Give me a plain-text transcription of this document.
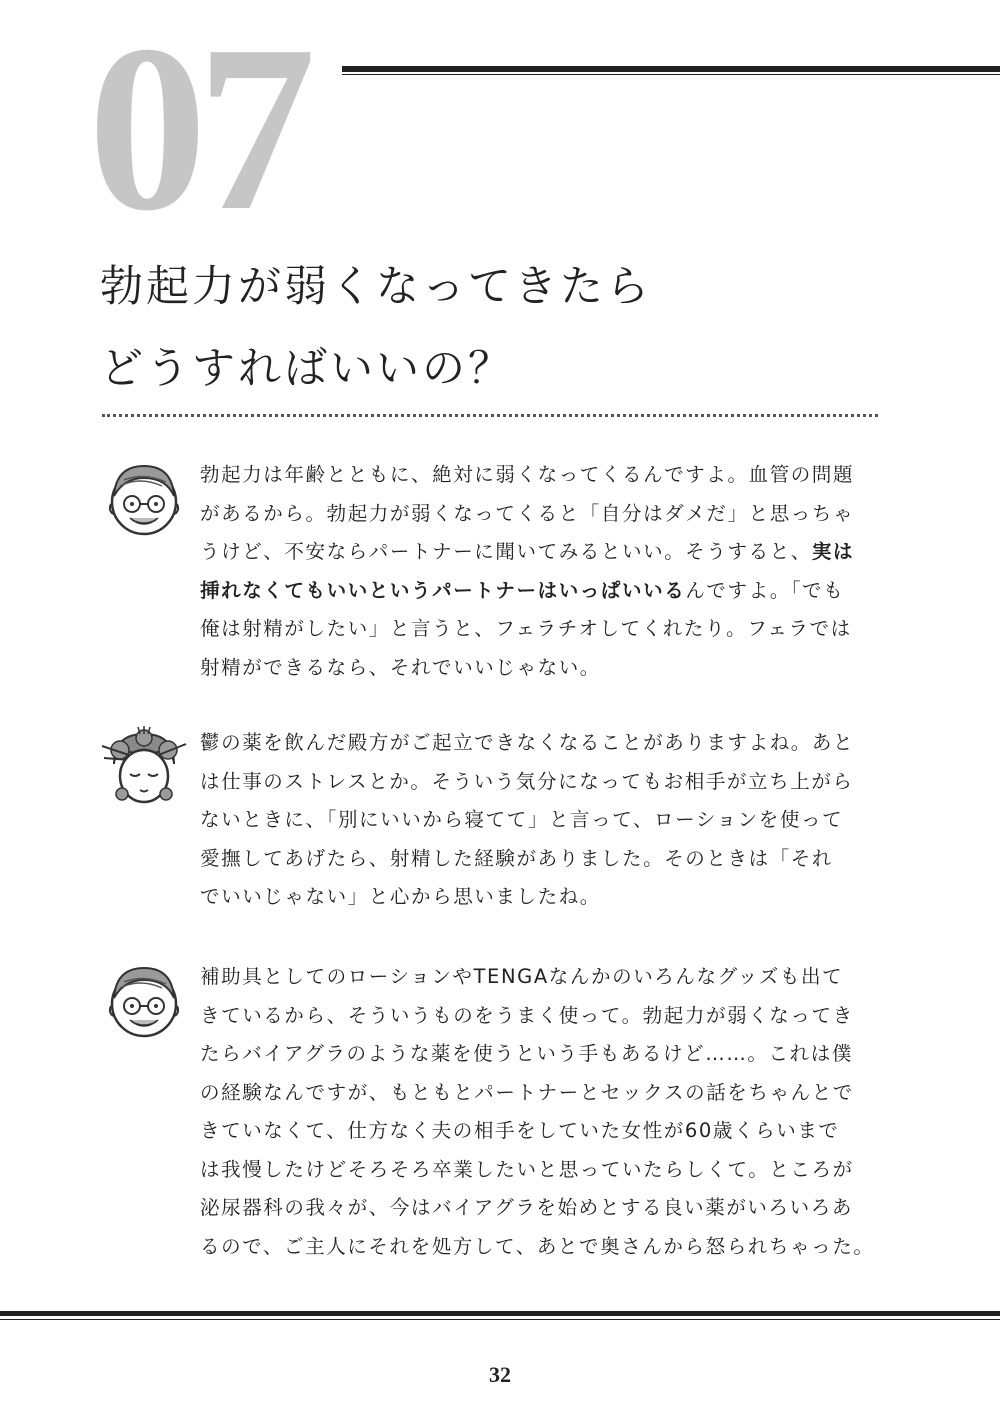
07
勃起力が弱くなってきたら
どうすればいいの？
勃起力は年齢とともに、絶対に弱くなってくるんですよ。血管の問題
があるから。勃起力が弱くなってくると「自分はダメだ」と思っちゃ
うけど、不安ならパートナーに聞いてみるといい。そうすると、実は
挿れなくてもいいというパートナーはいっぱいいるんですよ。「でも
俺は射精がしたい」と言うと、フェラチオしてくれたり。フェラでは
射精ができるなら、それでいいじゃない。
鬱の薬を飲んだ殿方がご起立できなくなることがありますよね。あと
は仕事のストレスとか。そういう気分になってもお相手が立ち上がら
ないときに、「別にいいから寝てて」と言って、ローションを使って
愛撫してあげたら、射精した経験がありました。そのときは「それ
でいいじゃない」と心から思いましたね。
補助具としてのローションやTENGAなんかのいろんなグッズも出て
きているから、そういうものをうまく使って。勃起力が弱くなってき
たらバイアグラのような薬を使うという手もあるけど……。これは僕
の経験なんですが、もともとパートナーとセックスの話をちゃんとで
きていなくて、仕方なく夫の相手をしていた女性が60歳くらいまで
は我慢したけどそろそろ卒業したいと思っていたらしくて。ところが
泌尿器科の我々が、今はバイアグラを始めとする良い薬がいろいろあ
るので、ご主人にそれを処方して、あとで奥さんから怒られちゃった。
32
